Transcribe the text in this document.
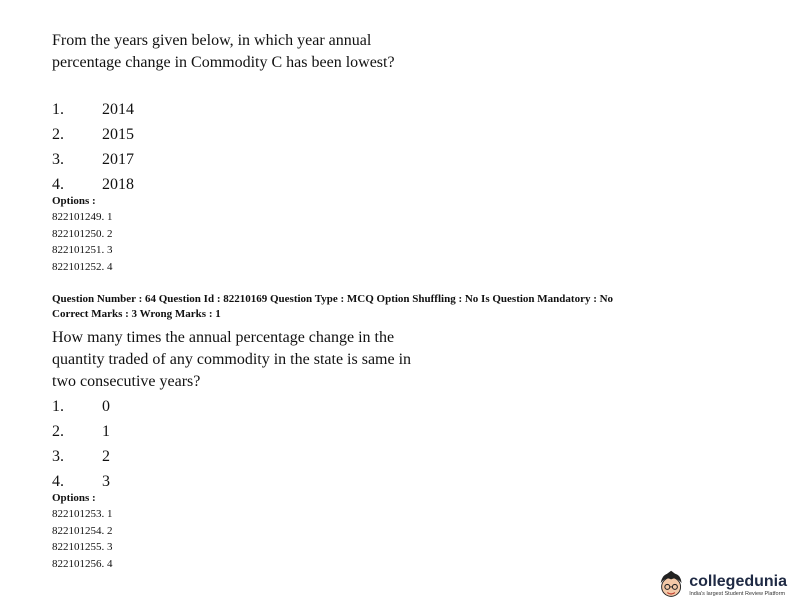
From the years given below, in which year annual percentage change in Commodity C has been lowest?
1.	2014
2.	2015
3.	2017
4.	2018
Options :
822101249. 1
822101250. 2
822101251. 3
822101252. 4
Question Number : 64 Question Id : 82210169 Question Type : MCQ Option Shuffling : No Is Question Mandatory : No
Correct Marks : 3 Wrong Marks : 1
How many times the annual percentage change in the quantity traded of any commodity in the state is same in two consecutive years?
1.	0
2.	1
3.	2
4.	3
Options :
822101253. 1
822101254. 2
822101255. 3
822101256. 4
collegedunia
India's largest Student Review Platform
